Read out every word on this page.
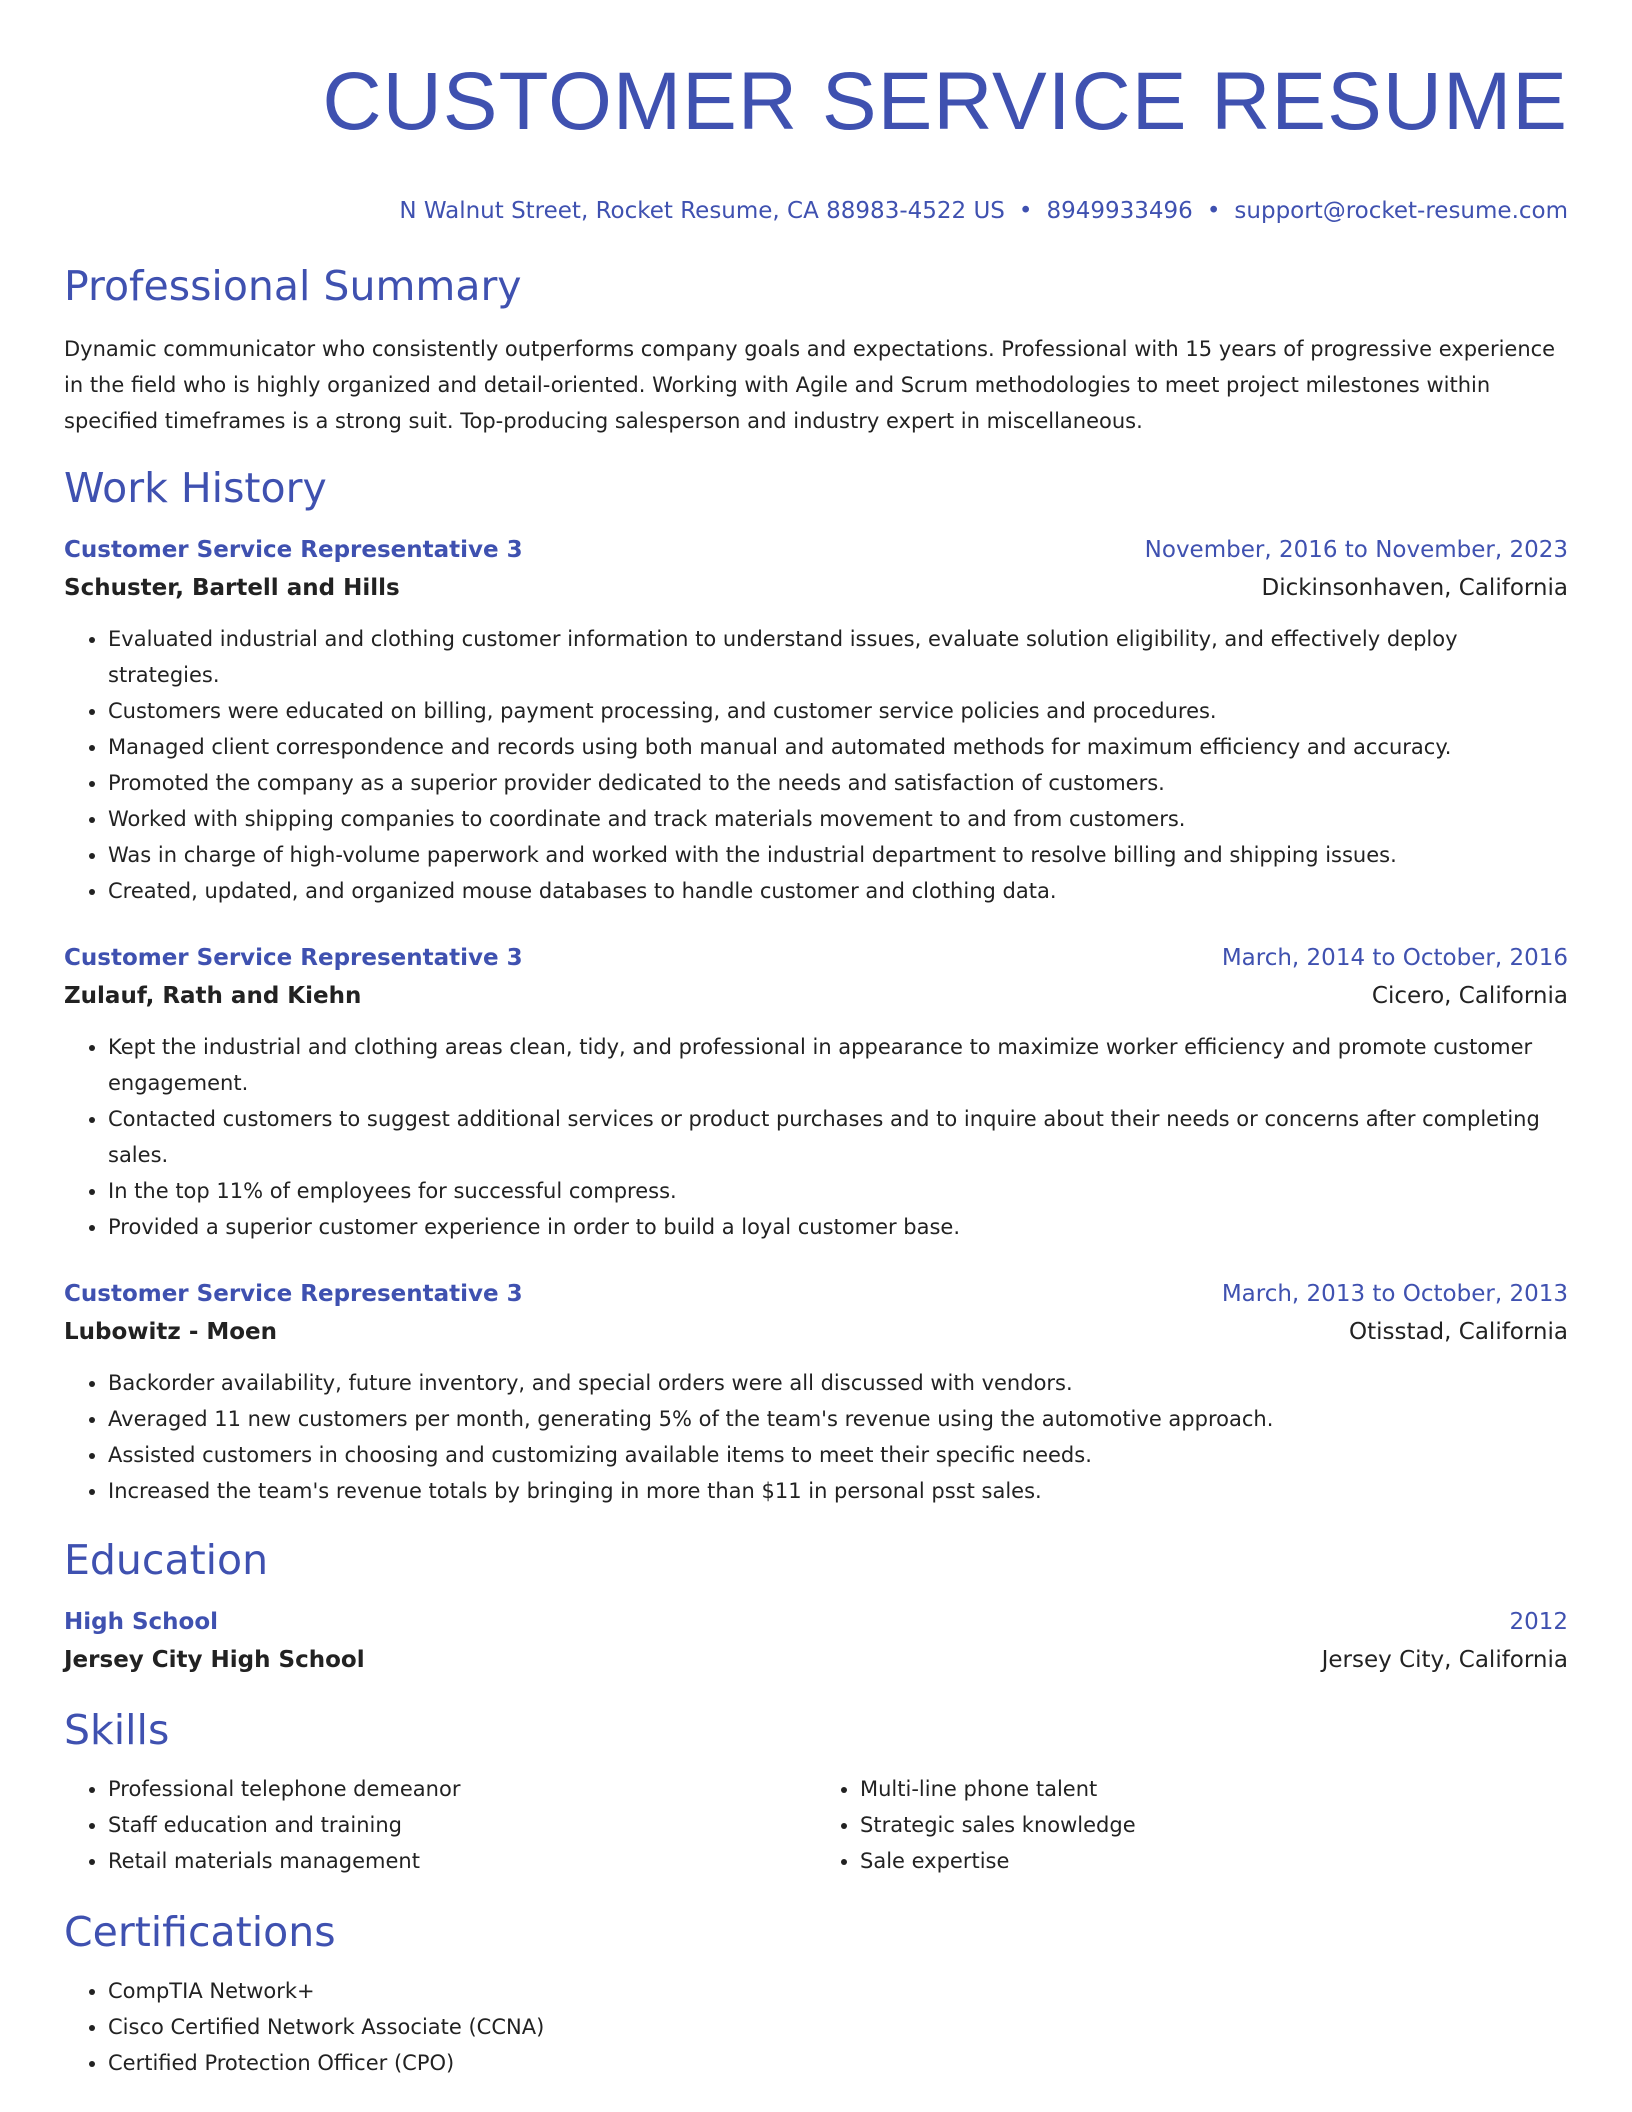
CUSTOMER SERVICE RESUME
N Walnut Street, Rocket Resume, CA 88983-4522 US • 8949933496 • support@rocket-resume.com
Professional Summary

Dynamic communicator who consistently outperforms company goals and expectations. Professional with 15 years of progressive experience in the field who is highly organized and detail-oriented. Working with Agile and Scrum methodologies to meet project milestones within specified timeframes is a strong suit. Top-producing salesperson and industry expert in miscellaneous.

Work History
Customer Service Representative 3	November, 2016 to November, 2023
Schuster, Bartell and Hills	Dickinsonhaven, California
• Evaluated industrial and clothing customer information to understand issues, evaluate solution eligibility, and effectively deploy strategies.
• Customers were educated on billing, payment processing, and customer service policies and procedures.
• Managed client correspondence and records using both manual and automated methods for maximum efficiency and accuracy.
• Promoted the company as a superior provider dedicated to the needs and satisfaction of customers.
• Worked with shipping companies to coordinate and track materials movement to and from customers.
• Was in charge of high-volume paperwork and worked with the industrial department to resolve billing and shipping issues.
• Created, updated, and organized mouse databases to handle customer and clothing data.
Customer Service Representative 3	March, 2014 to October, 2016
Zulauf, Rath and Kiehn	Cicero, California
• Kept the industrial and clothing areas clean, tidy, and professional in appearance to maximize worker efficiency and promote customer engagement.
• Contacted customers to suggest additional services or product purchases and to inquire about their needs or concerns after completing sales.
• In the top 11% of employees for successful compress.
• Provided a superior customer experience in order to build a loyal customer base.
Customer Service Representative 3	March, 2013 to October, 2013
Lubowitz - Moen	Otisstad, California
• Backorder availability, future inventory, and special orders were all discussed with vendors.
• Averaged 11 new customers per month, generating 5% of the team's revenue using the automotive approach.
• Assisted customers in choosing and customizing available items to meet their specific needs.
• Increased the team's revenue totals by bringing in more than $11 in personal psst sales.
Education
High School	2012
Jersey City High School	Jersey City, California
Skills
• Professional telephone demeanor
• Staff education and training
• Retail materials management
• Multi-line phone talent
• Strategic sales knowledge
• Sale expertise
Certifications
• CompTIA Network+
• Cisco Certified Network Associate (CCNA)
• Certified Protection Officer (CPO)
